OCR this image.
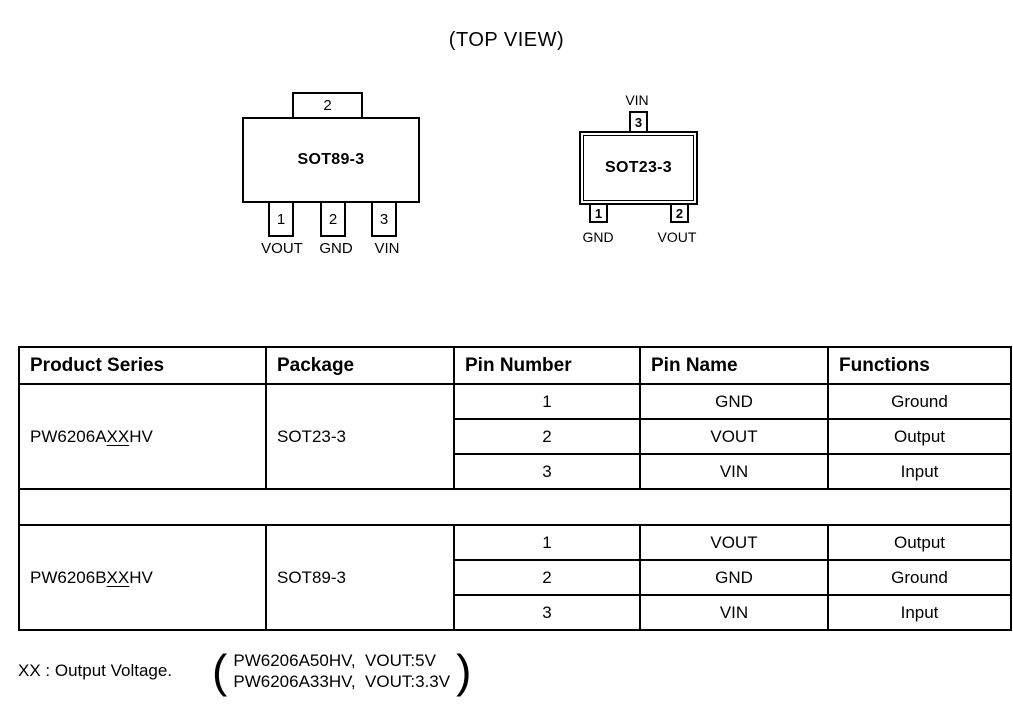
(TOP VIEW)
2
SOT89-3
1	2	3
VOUT GND VIN
VIN
3
SOT23-3
1	2
GND	VOUT
Product Series	Package	Pin Number	Pin Name	Functions
PW6206AXXHV	SOT23-3	1	GND	Ground
		2	VOUT	Output
		3	VIN	Input

PW6206BXXHV	SOT89-3	1	VOUT	Output
		2	GND	Ground
		3	VIN	Input
XX : Output Voltage. ( PW6206A50HV,  VOUT:5V
PW6206A33HV,  VOUT:3.3V )
